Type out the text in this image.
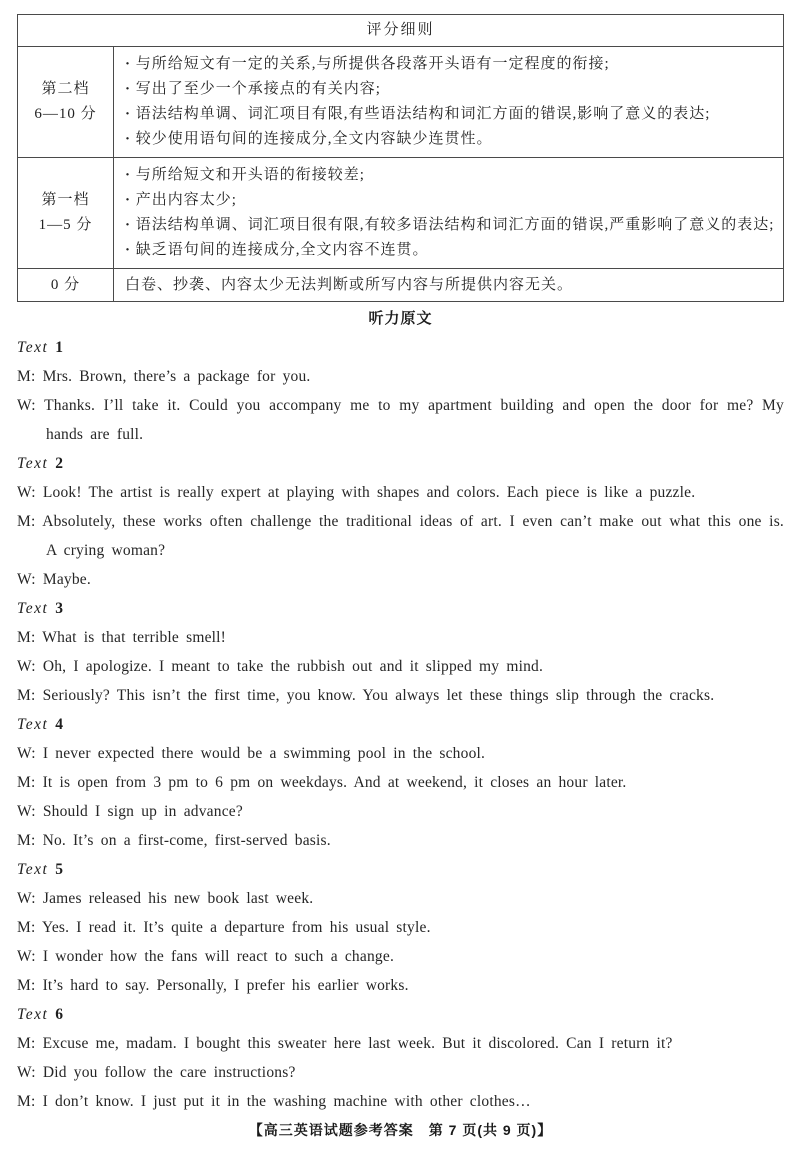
评分细则
第二档
6—10 分
· 与所给短文有一定的关系,与所提供各段落开头语有一定程度的衔接;
· 写出了至少一个承接点的有关内容;
· 语法结构单调、词汇项目有限,有些语法结构和词汇方面的错误,影响了意义的表达;
· 较少使用语句间的连接成分,全文内容缺少连贯性。
第一档
1—5 分
· 与所给短文和开头语的衔接较差;
· 产出内容太少;
· 语法结构单调、词汇项目很有限,有较多语法结构和词汇方面的错误,严重影响了意义的表达;
· 缺乏语句间的连接成分,全文内容不连贯。
0 分	白卷、抄袭、内容太少无法判断或所写内容与所提供内容无关。

听力原文
Text 1

M: Mrs. Brown, there’s a package for you.

W: Thanks. I’ll take it. Could you accompany me to my apartment building and open the door for me? My hands are full.

Text 2

W: Look! The artist is really expert at playing with shapes and colors. Each piece is like a puzzle.

M: Absolutely, these works often challenge the traditional ideas of art. I even can’t make out what this one is. A crying woman?

W: Maybe.

Text 3

M: What is that terrible smell!

W: Oh, I apologize. I meant to take the rubbish out and it slipped my mind.

M: Seriously? This isn’t the first time, you know. You always let these things slip through the cracks.

Text 4

W: I never expected there would be a swimming pool in the school.

M: It is open from 3 pm to 6 pm on weekdays. And at weekend, it closes an hour later.

W: Should I sign up in advance?

M: No. It’s on a first-come, first-served basis.

Text 5

W: James released his new book last week.

M: Yes. I read it. It’s quite a departure from his usual style.

W: I wonder how the fans will react to such a change.

M: It’s hard to say. Personally, I prefer his earlier works.

Text 6

M: Excuse me, madam. I bought this sweater here last week. But it discolored. Can I return it?

W: Did you follow the care instructions?

M: I don’t know. I just put it in the washing machine with other clothes…

【高三英语试题参考答案　第 7 页(共 9 页)】
